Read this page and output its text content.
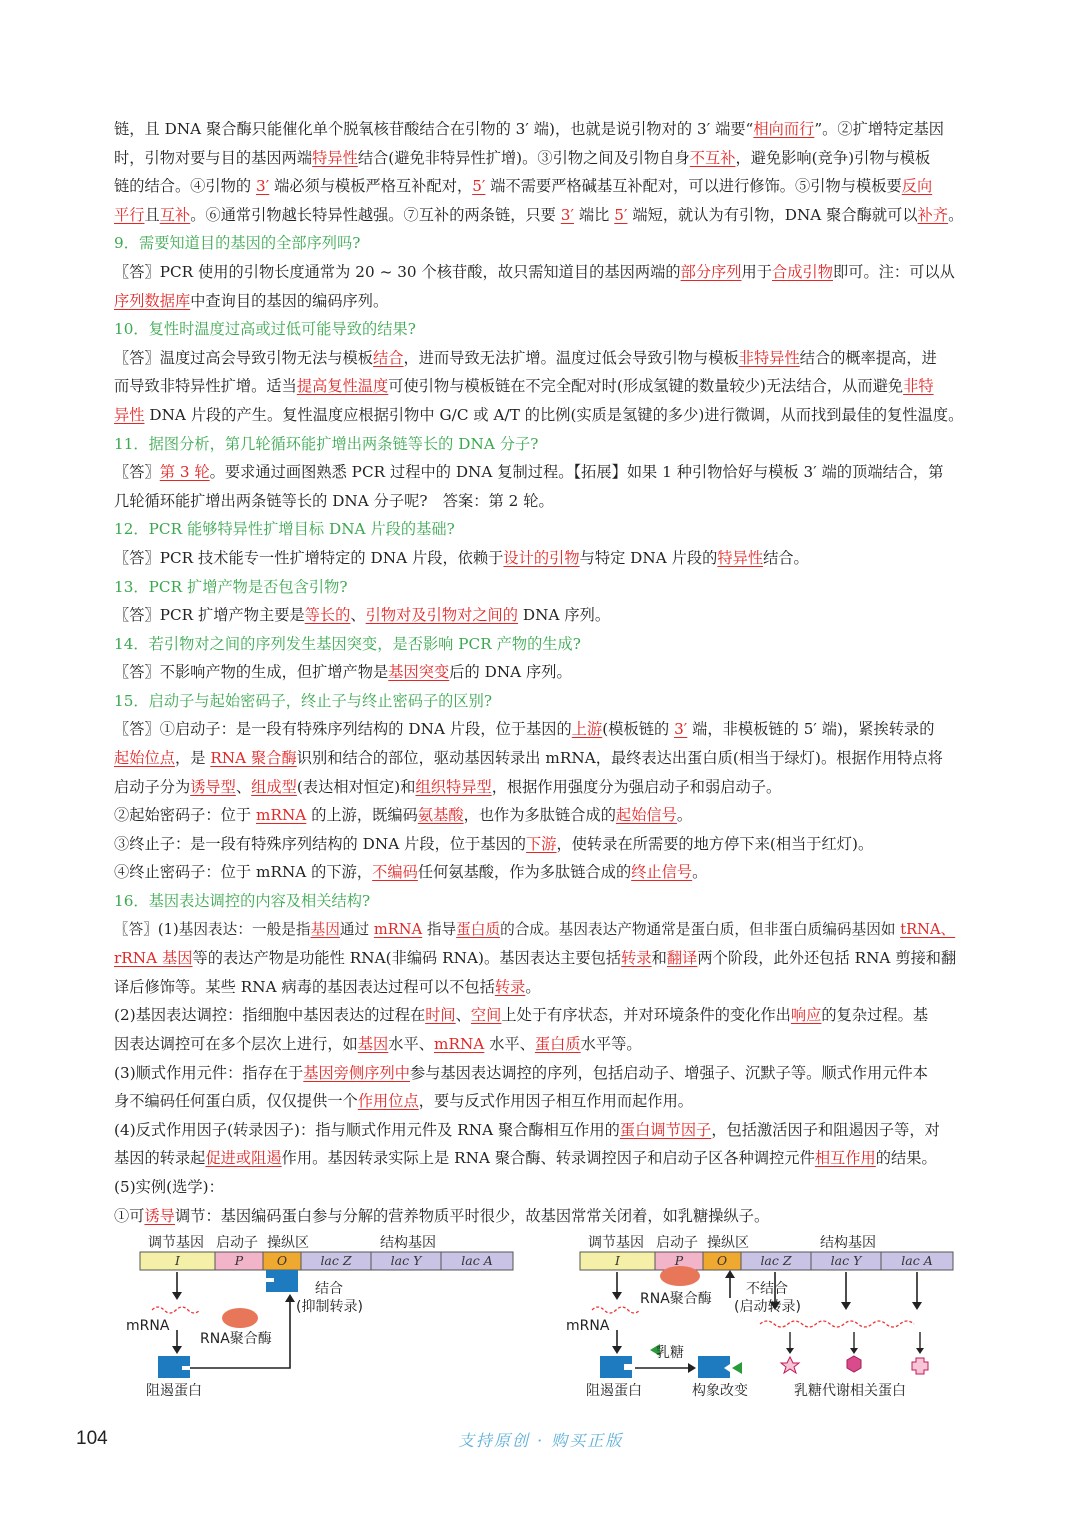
链，且 DNA 聚合酶只能催化单个脱氧核苷酸结合在引物的 3′ 端)，也就是说引物对的 3′ 端要“相向而行”。②扩增特定基因
时，引物对要与目的基因两端特异性结合(避免非特异性扩增)。③引物之间及引物自身不互补，避免影响(竞争)引物与模板
链的结合。④引物的 3′ 端必须与模板严格互补配对，5′ 端不需要严格碱基互补配对，可以进行修饰。⑤引物与模板要反向
平行且互补。⑥通常引物越长特异性越强。⑦互补的两条链，只要 3′ 端比 5′ 端短，就认为有引物，DNA 聚合酶就可以补齐。
9．需要知道目的基因的全部序列吗?
〖答〗PCR 使用的引物长度通常为 20 ~ 30 个核苷酸，故只需知道目的基因两端的部分序列用于合成引物即可。注：可以从
序列数据库中查询目的基因的编码序列。
10．复性时温度过高或过低可能导致的结果?
〖答〗温度过高会导致引物无法与模板结合，进而导致无法扩增。温度过低会导致引物与模板非特异性结合的概率提高，进
而导致非特异性扩增。适当提高复性温度可使引物与模板链在不完全配对时(形成氢键的数量较少)无法结合，从而避免非特
异性 DNA 片段的产生。复性温度应根据引物中 G/C 或 A/T 的比例(实质是氢键的多少)进行微调，从而找到最佳的复性温度。
11．据图分析，第几轮循环能扩增出两条链等长的 DNA 分子?
〖答〗第 3 轮。要求通过画图熟悉 PCR 过程中的 DNA 复制过程。【拓展】如果 1 种引物恰好与模板 3′ 端的顶端结合，第
几轮循环能扩增出两条链等长的 DNA 分子呢?　答案：第 2 轮。
12．PCR 能够特异性扩增目标 DNA 片段的基础?
〖答〗PCR 技术能专一性扩增特定的 DNA 片段，依赖于设计的引物与特定 DNA 片段的特异性结合。
13．PCR 扩增产物是否包含引物?
〖答〗PCR 扩增产物主要是等长的、引物对及引物对之间的 DNA 序列。
14．若引物对之间的序列发生基因突变，是否影响 PCR 产物的生成?
〖答〗不影响产物的生成，但扩增产物是基因突变后的 DNA 序列。
15．启动子与起始密码子，终止子与终止密码子的区别?
〖答〗①启动子：是一段有特殊序列结构的 DNA 片段，位于基因的上游(模板链的 3′ 端，非模板链的 5′ 端)，紧挨转录的
起始位点，是 RNA 聚合酶识别和结合的部位，驱动基因转录出 mRNA，最终表达出蛋白质(相当于绿灯)。根据作用特点将
启动子分为诱导型、组成型(表达相对恒定)和组织特异型，根据作用强度分为强启动子和弱启动子。
②起始密码子：位于 mRNA 的上游，既编码氨基酸，也作为多肽链合成的起始信号。
③终止子：是一段有特殊序列结构的 DNA 片段，位于基因的下游，使转录在所需要的地方停下来(相当于红灯)。
④终止密码子：位于 mRNA 的下游，不编码任何氨基酸，作为多肽链合成的终止信号。
16．基因表达调控的内容及相关结构?
〖答〗(1)基因表达：一般是指基因通过 mRNA 指导蛋白质的合成。基因表达产物通常是蛋白质，但非蛋白质编码基因如 tRNA、
rRNA 基因等的表达产物是功能性 RNA(非编码 RNA)。基因表达主要包括转录和翻译两个阶段，此外还包括 RNA 剪接和翻
译后修饰等。某些 RNA 病毒的基因表达过程可以不包括转录。
(2)基因表达调控：指细胞中基因表达的过程在时间、空间上处于有序状态，并对环境条件的变化作出响应的复杂过程。基
因表达调控可在多个层次上进行，如基因水平、mRNA 水平、蛋白质水平等。
(3)顺式作用元件：指存在于基因旁侧序列中参与基因表达调控的序列，包括启动子、增强子、沉默子等。顺式作用元件本
身不编码任何蛋白质，仅仅提供一个作用位点，要与反式作用因子相互作用而起作用。
(4)反式作用因子(转录因子)：指与顺式作用元件及 RNA 聚合酶相互作用的蛋白调节因子，包括激活因子和阻遏因子等，对
基因的转录起促进或阻遏作用。基因转录实际上是 RNA 聚合酶、转录调控因子和启动子区各种调控元件相互作用的结果。
(5)实例(选学)：
①可诱导调节：基因编码蛋白参与分解的营养物质平时很少，故基因常常关闭着，如乳糖操纵子。
调节基因 启动子 操纵区	结构基因
I	P	O	lac Z	lac Y	lac A
结合
(抑制转录)
mRNA
RNA聚合酶
阻遏蛋白
调节基因 启动子 操纵区	结构基因
I	P	O	lac Z	lac Y	lac A
RNA聚合酶
不结合
(启动转录)
mRNA
乳糖
阻遏蛋白	构象改变	乳糖代谢相关蛋白
104	支持原创 · 购买正版
